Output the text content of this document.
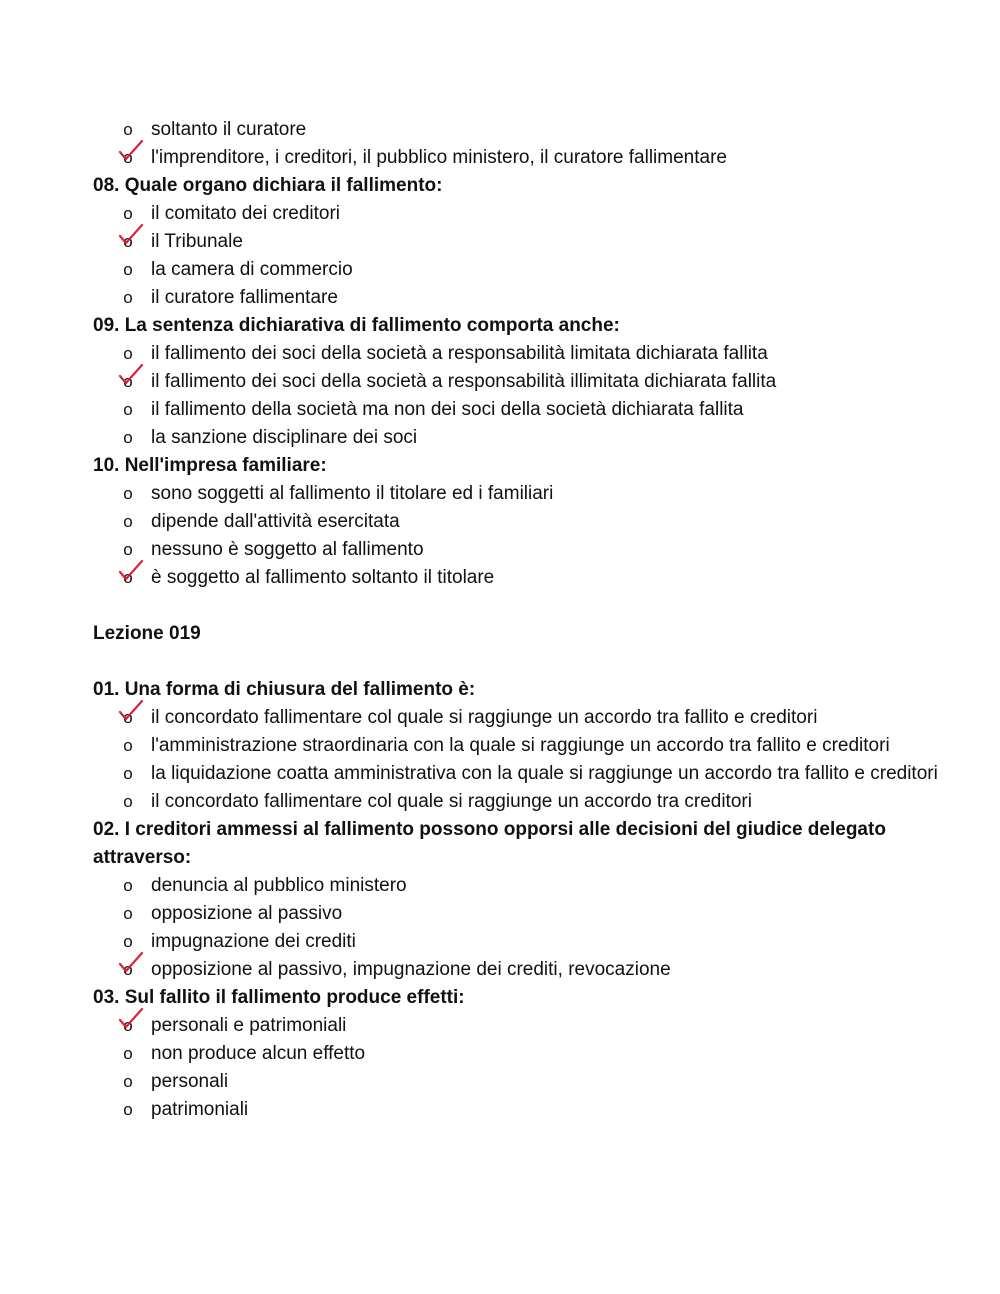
o soltanto il curatore
o l'imprenditore, i creditori, il pubblico ministero, il curatore fallimentare
08. Quale organo dichiara il fallimento:
o il comitato dei creditori
o il Tribunale
o la camera di commercio
o il curatore fallimentare
09. La sentenza dichiarativa di fallimento comporta anche:
o il fallimento dei soci della società a responsabilità limitata dichiarata fallita
o il fallimento dei soci della società a responsabilità illimitata dichiarata fallita
o il fallimento della società ma non dei soci della società dichiarata fallita
o la sanzione disciplinare dei soci
10. Nell'impresa familiare:
o sono soggetti al fallimento il titolare ed i familiari
o dipende dall'attività esercitata
o nessuno è soggetto al fallimento
o è soggetto al fallimento soltanto il titolare
Lezione 019
01. Una forma di chiusura del fallimento è:
o il concordato fallimentare col quale si raggiunge un accordo tra fallito e creditori
o l'amministrazione straordinaria con la quale si raggiunge un accordo tra fallito e creditori
o la liquidazione coatta amministrativa con la quale si raggiunge un accordo tra fallito e creditori
o il concordato fallimentare col quale si raggiunge un accordo tra creditori
02. I creditori ammessi al fallimento possono opporsi alle decisioni del giudice delegato attraverso:
o denuncia al pubblico ministero
o opposizione al passivo
o impugnazione dei crediti
o opposizione al passivo, impugnazione dei crediti, revocazione
03. Sul fallito il fallimento produce effetti:
o personali e patrimoniali
o non produce alcun effetto
o personali
o patrimoniali
